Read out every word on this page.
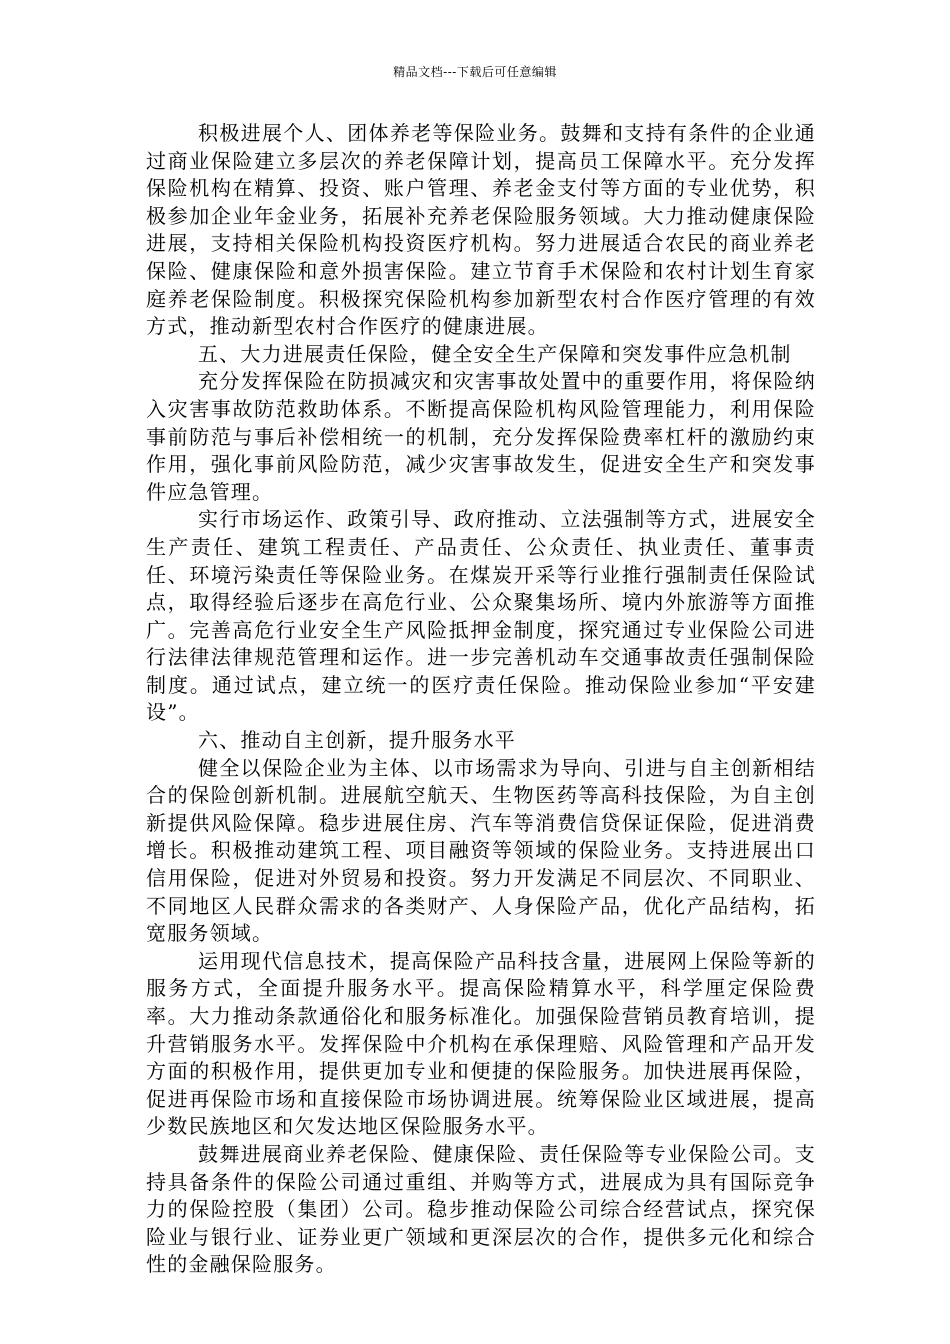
精品文档---下载后可任意编辑

积极进展个人、团体养老等保险业务。鼓舞和支持有条件的企业通过商业保险建立多层次的养老保障计划，提高员工保障水平。充分发挥保险机构在精算、投资、账户管理、养老金支付等方面的专业优势，积极参加企业年金业务，拓展补充养老保险服务领域。大力推动健康保险进展，支持相关保险机构投资医疗机构。努力进展适合农民的商业养老保险、健康保险和意外损害保险。建立节育手术保险和农村计划生育家庭养老保险制度。积极探究保险机构参加新型农村合作医疗管理的有效方式，推动新型农村合作医疗的健康进展。

五、大力进展责任保险，健全安全生产保障和突发事件应急机制

充分发挥保险在防损减灾和灾害事故处置中的重要作用，将保险纳入灾害事故防范救助体系。不断提高保险机构风险管理能力，利用保险事前防范与事后补偿相统一的机制，充分发挥保险费率杠杆的激励约束作用，强化事前风险防范，减少灾害事故发生，促进安全生产和突发事件应急管理。

实行市场运作、政策引导、政府推动、立法强制等方式，进展安全生产责任、建筑工程责任、产品责任、公众责任、执业责任、董事责任、环境污染责任等保险业务。在煤炭开采等行业推行强制责任保险试点，取得经验后逐步在高危行业、公众聚集场所、境内外旅游等方面推广。完善高危行业安全生产风险抵押金制度，探究通过专业保险公司进行法律法律规范管理和运作。进一步完善机动车交通事故责任强制保险制度。通过试点，建立统一的医疗责任保险。推动保险业参加“平安建设”。

六、推动自主创新，提升服务水平

健全以保险企业为主体、以市场需求为导向、引进与自主创新相结合的保险创新机制。进展航空航天、生物医药等高科技保险，为自主创新提供风险保障。稳步进展住房、汽车等消费信贷保证保险，促进消费增长。积极推动建筑工程、项目融资等领域的保险业务。支持进展出口信用保险，促进对外贸易和投资。努力开发满足不同层次、不同职业、不同地区人民群众需求的各类财产、人身保险产品，优化产品结构，拓宽服务领域。

运用现代信息技术，提高保险产品科技含量，进展网上保险等新的服务方式，全面提升服务水平。提高保险精算水平，科学厘定保险费率。大力推动条款通俗化和服务标准化。加强保险营销员教育培训，提升营销服务水平。发挥保险中介机构在承保理赔、风险管理和产品开发方面的积极作用，提供更加专业和便捷的保险服务。加快进展再保险，促进再保险市场和直接保险市场协调进展。统筹保险业区域进展，提高少数民族地区和欠发达地区保险服务水平。

鼓舞进展商业养老保险、健康保险、责任保险等专业保险公司。支持具备条件的保险公司通过重组、并购等方式，进展成为具有国际竞争力的保险控股（集团）公司。稳步推动保险公司综合经营试点，探究保险业与银行业、证券业更广领域和更深层次的合作，提供多元化和综合性的金融保险服务。
